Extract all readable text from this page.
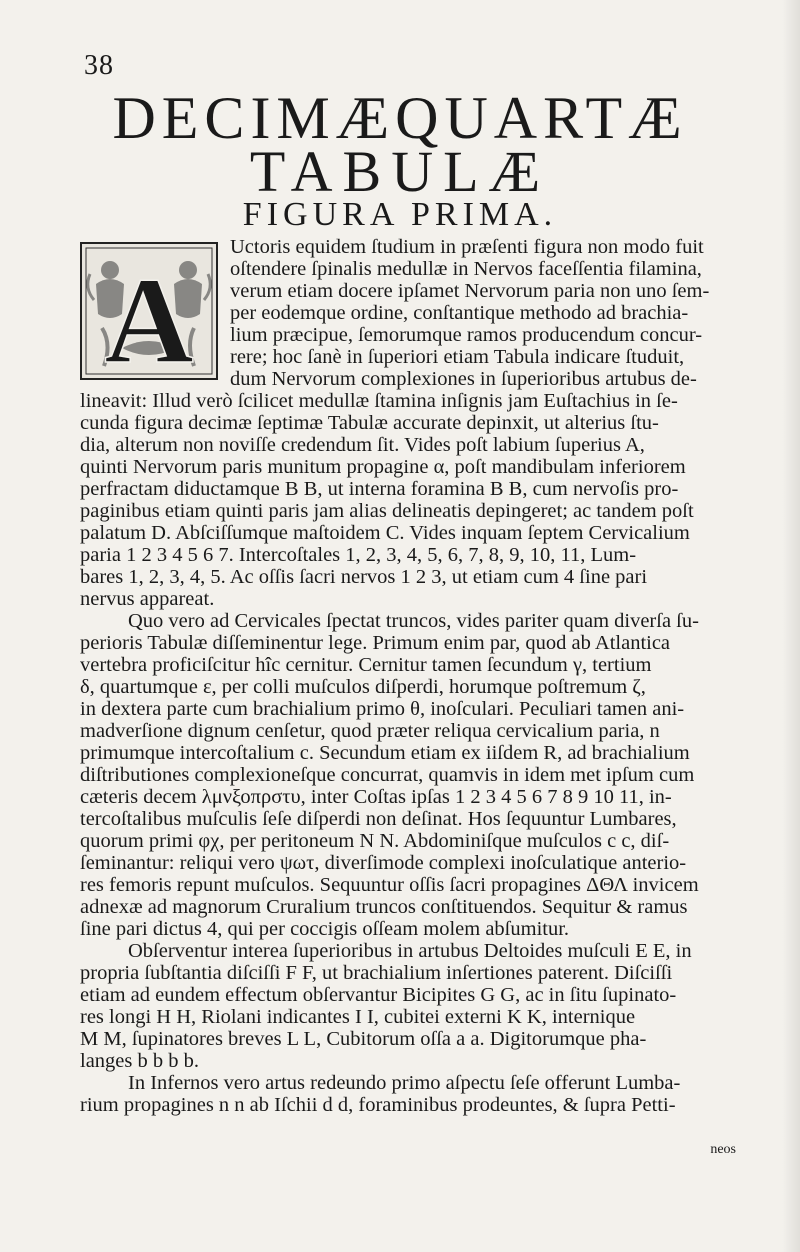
38
DECIMÆQUARTÆ
TABULÆ
FIGURA PRIMA.
A
Uctoris equidem ſtudium in præſenti figura non modo fuit
oſtendere ſpinalis medullæ in Nervos faceſſentia filamina,
verum etiam docere ipſamet Nervorum paria non uno ſem-
per eodemque ordine, conſtantique methodo ad brachia-
lium præcipue, ſemorumque ramos producendum concur-
rere; hoc ſanè in ſuperiori etiam Tabula indicare ſtuduit,
dum Nervorum complexiones in ſuperioribus artubus de-
lineavit: Illud verò ſcilicet medullæ ſtamina inſignis jam Euſtachius in ſe-
cunda figura decimæ ſeptimæ Tabulæ accurate depinxit, ut alterius ſtu-
dia, alterum non noviſſe credendum ſit. Vides poſt labium ſuperius A,
quinti Nervorum paris munitum propagine α, poſt mandibulam inferiorem
perfractam diductamque B B, ut interna foramina B B, cum nervoſis pro-
paginibus etiam quinti paris jam alias delineatis depingeret; ac tandem poſt
palatum D. Abſciſſumque maſtoidem C. Vides inquam ſeptem Cervicalium
paria 1 2 3 4 5 6 7. Intercoſtales 1, 2, 3, 4, 5, 6, 7, 8, 9, 10, 11, Lum-
bares 1, 2, 3, 4, 5. Ac oſſis ſacri nervos 1 2 3, ut etiam cum 4 ſine pari
nervus appareat.
Quo vero ad Cervicales ſpectat truncos, vides pariter quam diverſa ſu-
perioris Tabulæ diſſeminentur lege. Primum enim par, quod ab Atlantica
vertebra proficiſcitur hîc cernitur. Cernitur tamen ſecundum γ, tertium
δ, quartumque ε, per colli muſculos diſperdi, horumque poſtremum ζ,
in dextera parte cum brachialium primo θ, inoſculari. Peculiari tamen ani-
madverſione dignum cenſetur, quod præter reliqua cervicalium paria, n
primumque intercoſtalium c. Secundum etiam ex iiſdem R, ad brachialium
diſtributiones complexioneſque concurrat, quamvis in idem met ipſum cum
cæteris decem λμνξοπρστυ, inter Coſtas ipſas 1 2 3 4 5 6 7 8 9 10 11, in-
tercoſtalibus muſculis ſeſe diſperdi non deſinat. Hos ſequuntur Lumbares,
quorum primi φχ, per peritoneum N N. Abdominiſque muſculos c c, diſ-
ſeminantur: reliqui vero ψωτ, diverſimode complexi inoſculatique anterio-
res femoris repunt muſculos. Sequuntur oſſis ſacri propagines ΔΘΛ invicem
adnexæ ad magnorum Cruralium truncos conſtituendos. Sequitur & ramus
ſine pari dictus 4, qui per coccigis oſſeam molem abſumitur.
Obſerventur interea ſuperioribus in artubus Deltoides muſculi E E, in
propria ſubſtantia diſciſſi F F, ut brachialium inſertiones paterent. Diſciſſi
etiam ad eundem effectum obſervantur Bicipites G G, ac in ſitu ſupinato-
res longi H H, Riolani indicantes I I, cubitei externi K K, internique
M M, ſupinatores breves L L, Cubitorum oſſa a a. Digitorumque pha-
langes b b b b.
In Infernos vero artus redeundo primo aſpectu ſeſe offerunt Lumba-
rium propagines n n ab Iſchii d d, foraminibus prodeuntes, & ſupra Petti-
neos
